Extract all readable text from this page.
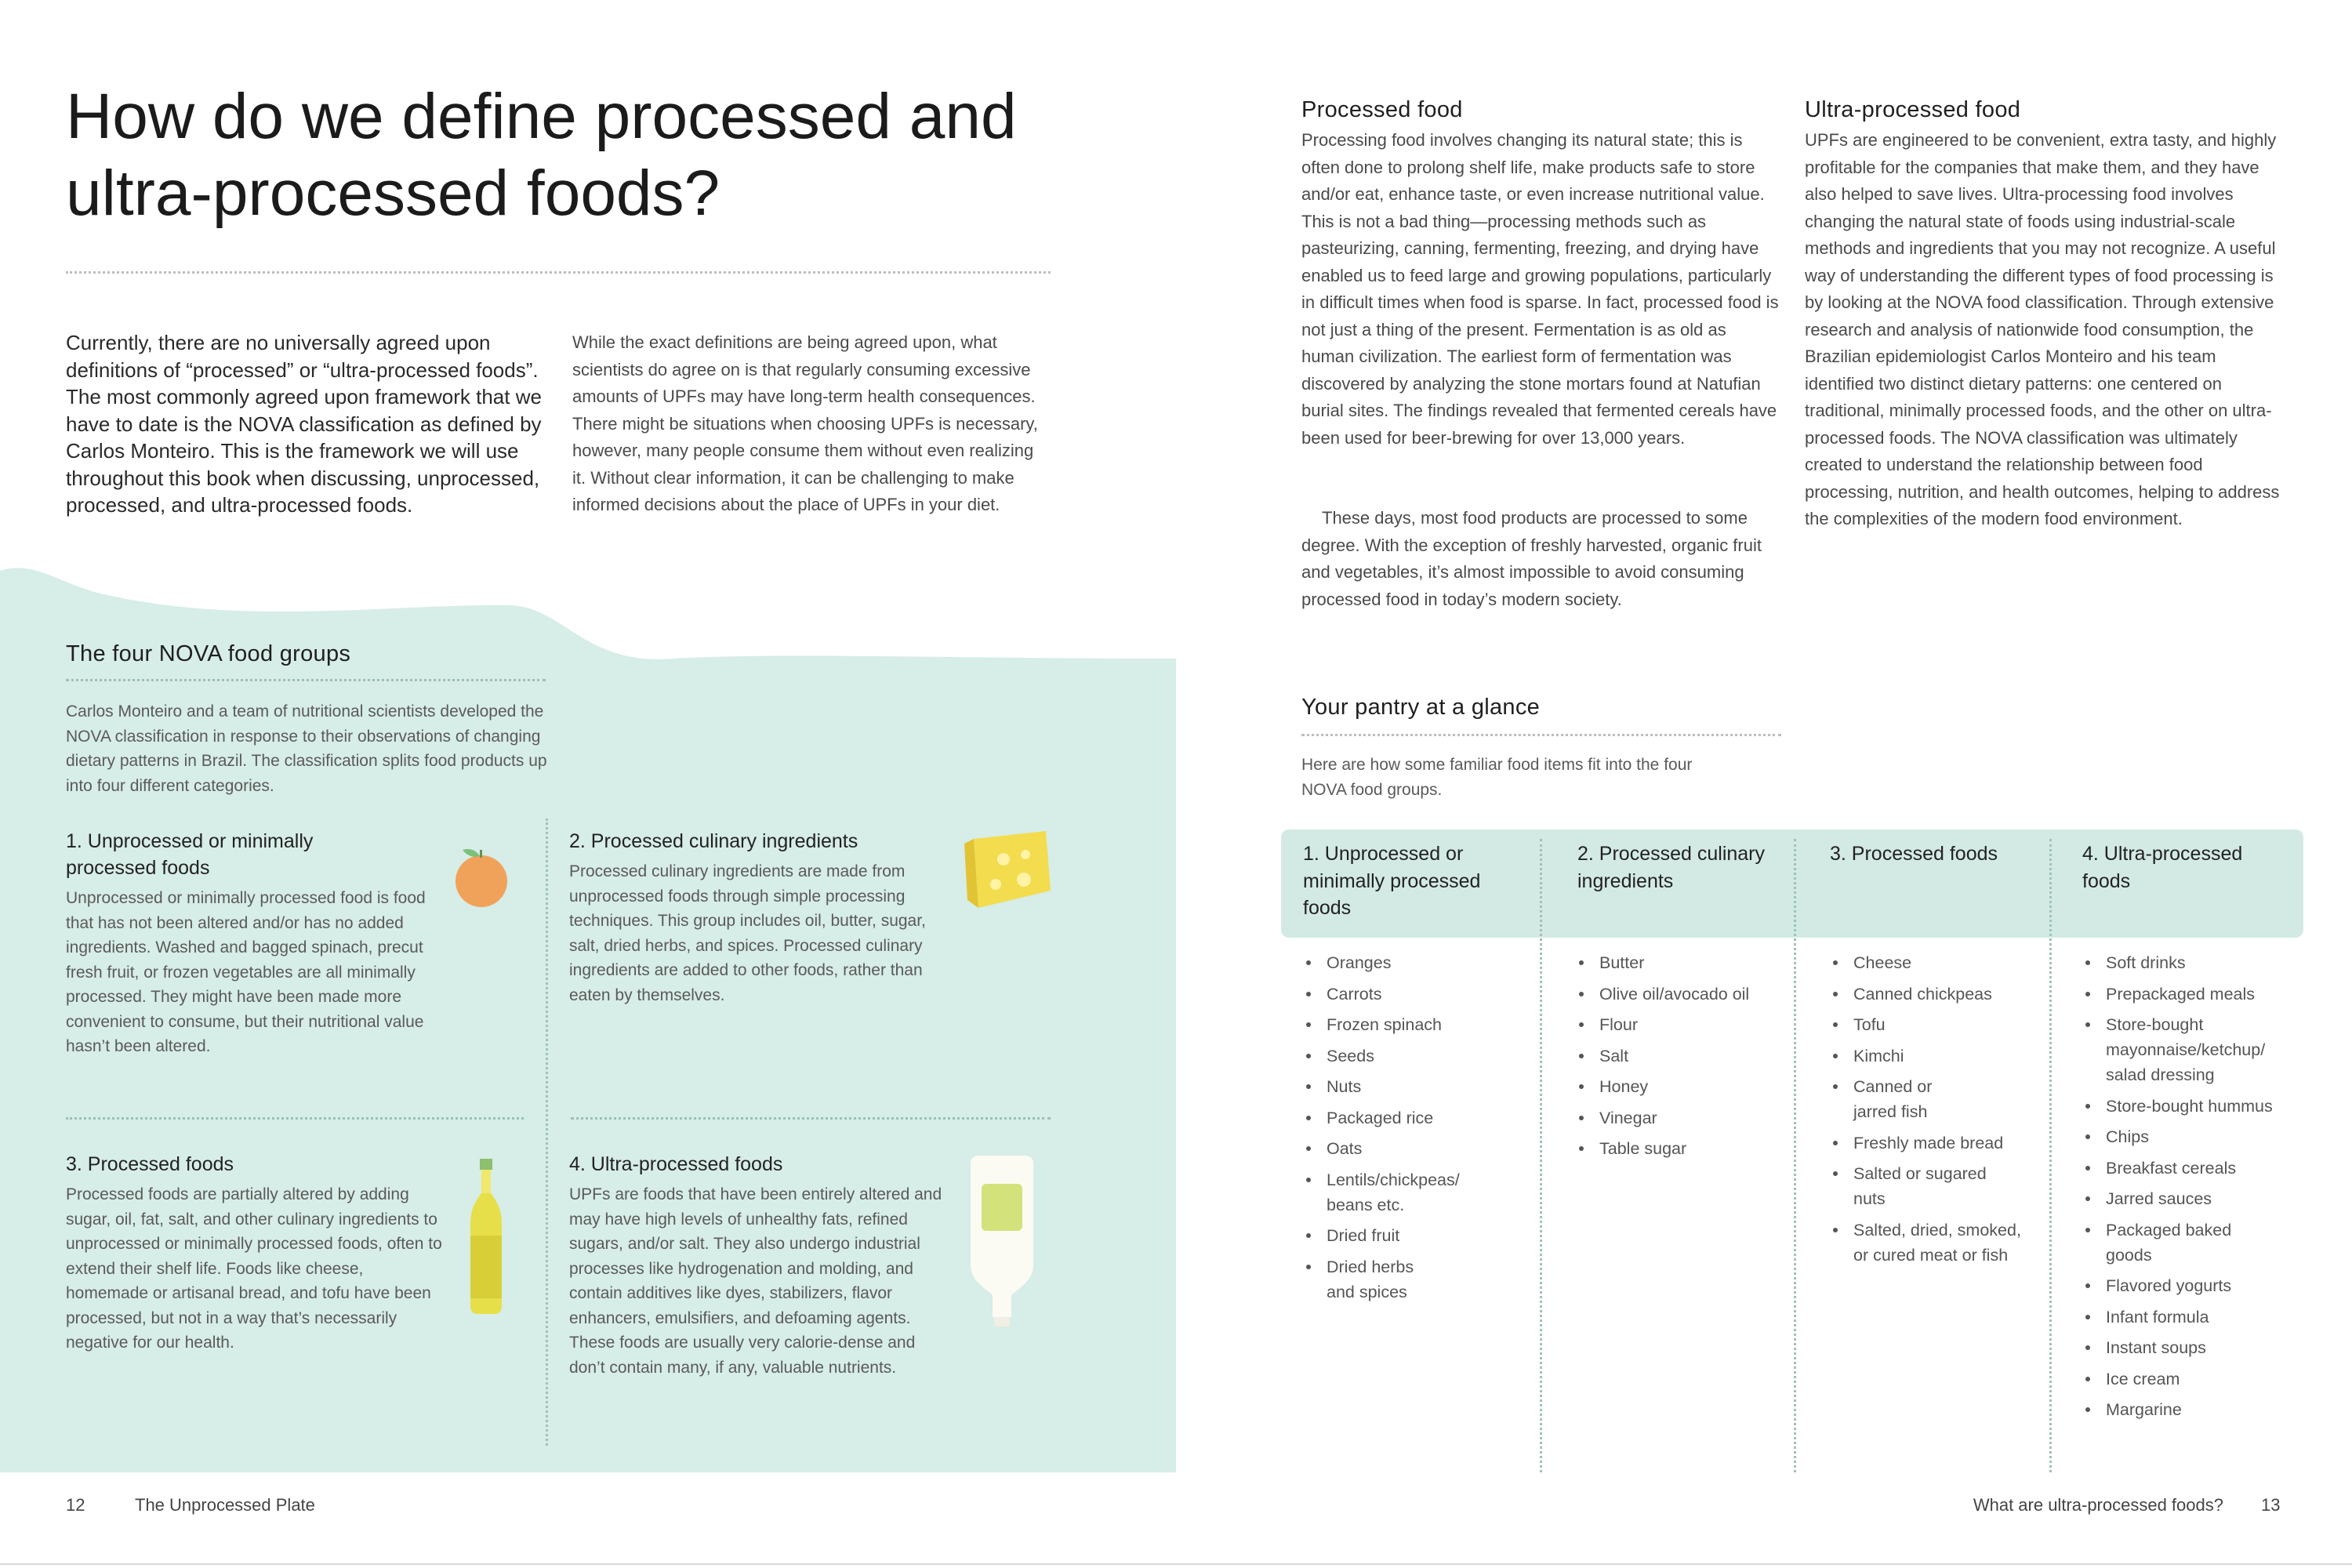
How do we define processed and ultra-processed foods?

Currently, there are no universally agreed upon definitions of “processed” or “ultra-processed foods”. The most commonly agreed upon framework that we have to date is the NOVA classification as defined by Carlos Monteiro. This is the framework we will use throughout this book when discussing, unprocessed, processed, and ultra-processed foods.

While the exact definitions are being agreed upon, what scientists do agree on is that regularly consuming excessive amounts of UPFs may have long-term health consequences. There might be situations when choosing UPFs is necessary, however, many people consume them without even realizing it. Without clear information, it can be challenging to make informed decisions about the place of UPFs in your diet.

The four NOVA food groups

Carlos Monteiro and a team of nutritional scientists developed the NOVA classification in response to their observations of changing dietary patterns in Brazil. The classification splits food products up into four different categories.

1. Unprocessed or minimally processed foods

Unprocessed or minimally processed food is food that has not been altered and/or has no added ingredients. Washed and bagged spinach, precut fresh fruit, or frozen vegetables are all minimally processed. They might have been made more convenient to consume, but their nutritional value hasn’t been altered.

2. Processed culinary ingredients

Processed culinary ingredients are made from unprocessed foods through simple processing techniques. This group includes oil, butter, sugar, salt, dried herbs, and spices. Processed culinary ingredients are added to other foods, rather than eaten by themselves.

3. Processed foods

Processed foods are partially altered by adding sugar, oil, fat, salt, and other culinary ingredients to unprocessed or minimally processed foods, often to extend their shelf life. Foods like cheese, homemade or artisanal bread, and tofu have been processed, but not in a way that’s necessarily negative for our health.

4. Ultra-processed foods

UPFs are foods that have been entirely altered and may have high levels of unhealthy fats, refined sugars, and/or salt. They also undergo industrial processes like hydrogenation and molding, and contain additives like dyes, stabilizers, flavor enhancers, emulsifiers, and defoaming agents. These foods are usually very calorie-dense and don’t contain many, if any, valuable nutrients.

Processed food

Processing food involves changing its natural state; this is often done to prolong shelf life, make products safe to store and/or eat, enhance taste, or even increase nutritional value. This is not a bad thing—processing methods such as pasteurizing, canning, fermenting, freezing, and drying have enabled us to feed large and growing populations, particularly in difficult times when food is sparse. In fact, processed food is not just a thing of the present. Fermentation is as old as human civilization. The earliest form of fermentation was discovered by analyzing the stone mortars found at Natufian burial sites. The findings revealed that fermented cereals have been used for beer-brewing for over 13,000 years.

These days, most food products are processed to some degree. With the exception of freshly harvested, organic fruit and vegetables, it’s almost impossible to avoid consuming processed food in today’s modern society.

Ultra-processed food

UPFs are engineered to be convenient, extra tasty, and highly profitable for the companies that make them, and they have also helped to save lives. Ultra-processing food involves changing the natural state of foods using industrial-scale methods and ingredients that you may not recognize. A useful way of understanding the different types of food processing is by looking at the NOVA food classification. Through extensive research and analysis of nationwide food consumption, the Brazilian epidemiologist Carlos Monteiro and his team identified two distinct dietary patterns: one centered on traditional, minimally processed foods, and the other on ultra-processed foods. The NOVA classification was ultimately created to understand the relationship between food processing, nutrition, and health outcomes, helping to address the complexities of the modern food environment.

Your pantry at a glance

Here are how some familiar food items fit into the four NOVA food groups.

1. Unprocessed or minimally processed foods
Oranges
Carrots
Frozen spinach
Seeds
Nuts
Packaged rice
Oats
Lentils/chickpeas/ beans etc.
Dried fruit
Dried herbs and spices
2. Processed culinary ingredients
Butter
Olive oil/avocado oil
Flour
Salt
Honey
Vinegar
Table sugar
3. Processed foods
Cheese
Canned chickpeas
Tofu
Kimchi
Canned or jarred fish
Freshly made bread
Salted or sugared nuts
Salted, dried, smoked, or cured meat or fish
4. Ultra-processed foods
Soft drinks
Prepackaged meals
Store-bought mayonnaise/ketchup/ salad dressing
Store-bought hummus
Chips
Breakfast cereals
Jarred sauces
Packaged baked goods
Flavored yogurts
Infant formula
Instant soups
Ice cream
Margarine
12	The Unprocessed Plate	What are ultra-processed foods? 13
